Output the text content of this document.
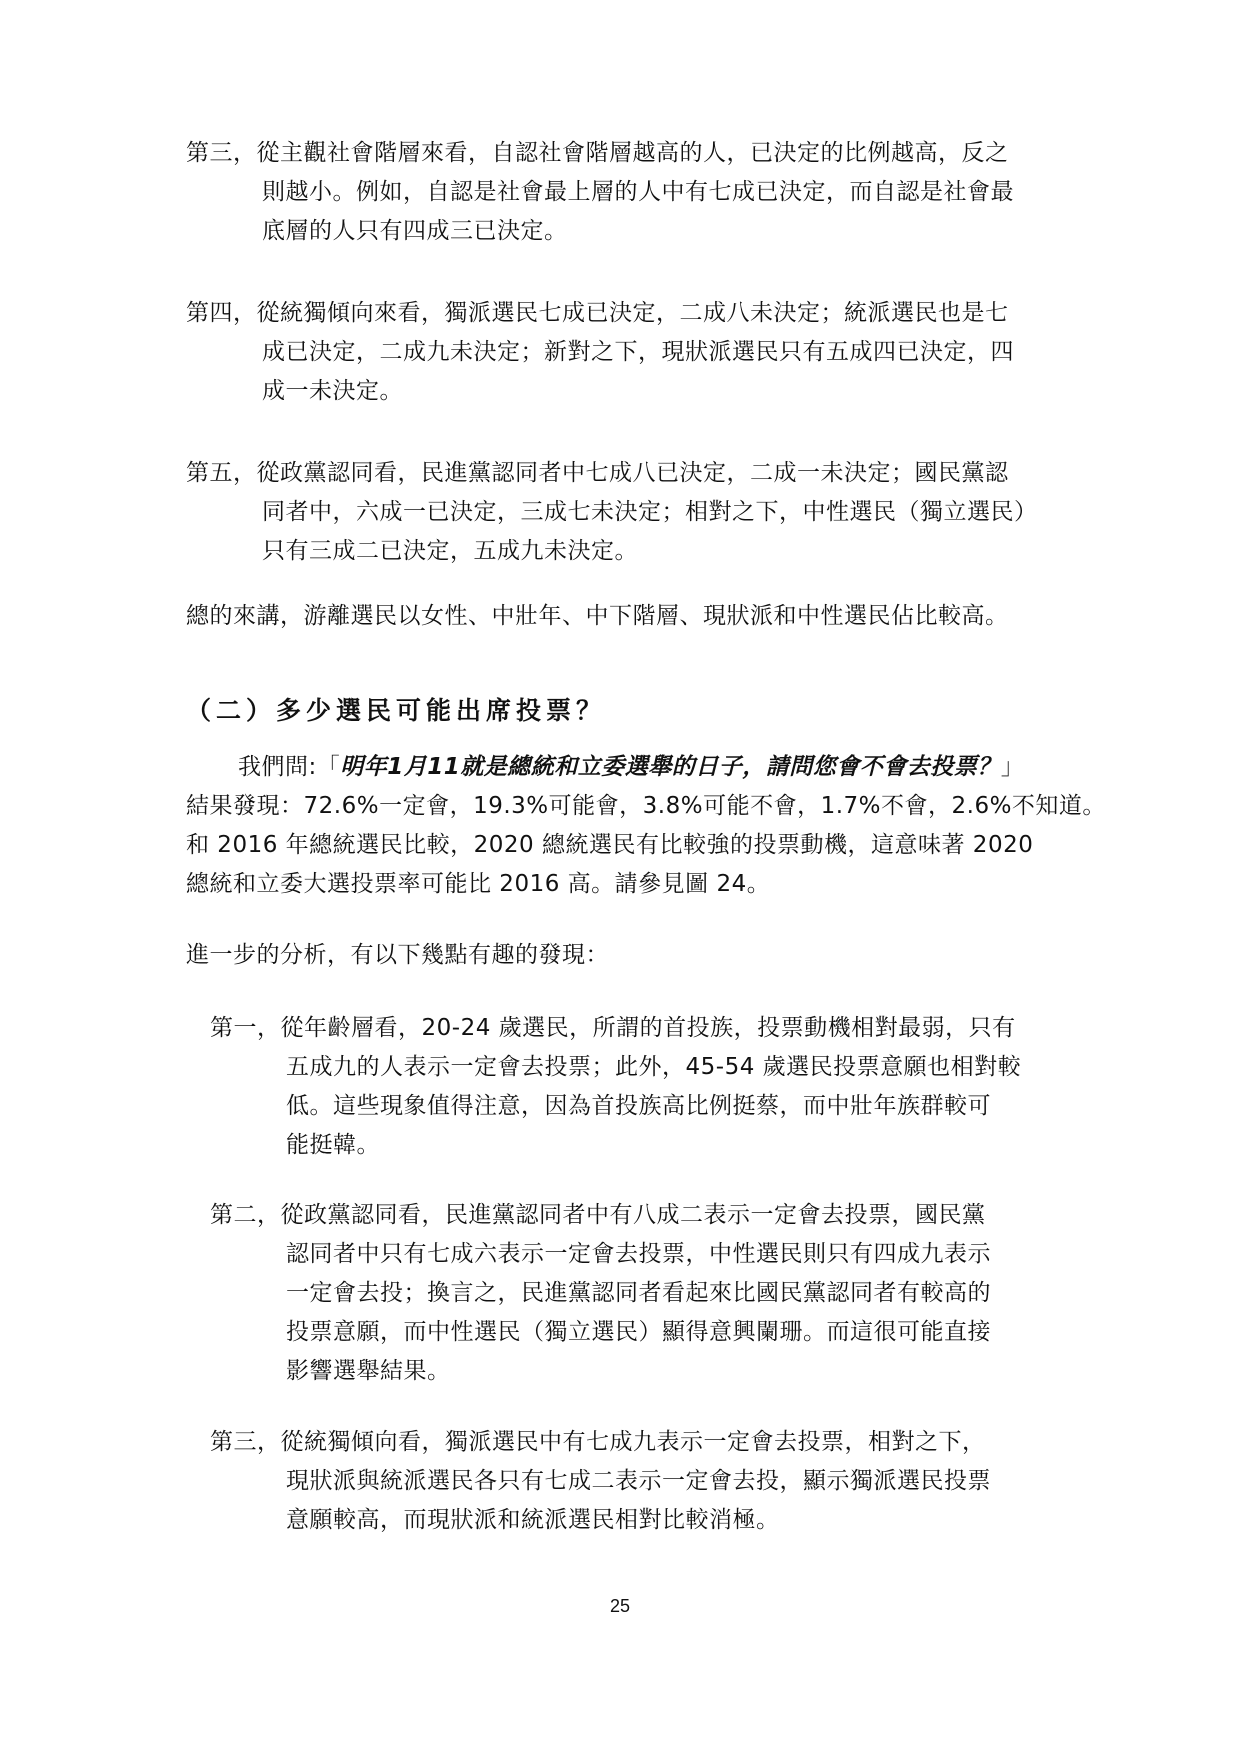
第三，從主觀社會階層來看，自認社會階層越高的人，已決定的比例越高，反之
則越小。例如，自認是社會最上層的人中有七成已決定，而自認是社會最
底層的人只有四成三已決定。
第四，從統獨傾向來看，獨派選民七成已決定，二成八未決定；統派選民也是七
成已決定，二成九未決定；新對之下，現狀派選民只有五成四已決定，四
成一未決定。
第五，從政黨認同看，民進黨認同者中七成八已決定，二成一未決定；國民黨認
同者中，六成一已決定，三成七未決定；相對之下，中性選民（獨立選民）
只有三成二已決定，五成九未決定。
總的來講，游離選民以女性、中壯年、中下階層、現狀派和中性選民佔比較高。
（二）多少選民可能出席投票？
我們問:「明年1月11就是總統和立委選舉的日子，請問您會不會去投票？」
結果發現：72.6%一定會，19.3%可能會，3.8%可能不會，1.7%不會，2.6%不知道。
和 2016 年總統選民比較，2020 總統選民有比較強的投票動機，這意味著 2020
總統和立委大選投票率可能比 2016 高。請參見圖 24。
進一步的分析，有以下幾點有趣的發現：
第一，從年齡層看，20-24 歲選民，所謂的首投族，投票動機相對最弱，只有
五成九的人表示一定會去投票；此外，45-54 歲選民投票意願也相對較
低。這些現象值得注意，因為首投族高比例挺蔡，而中壯年族群較可
能挺韓。
第二，從政黨認同看，民進黨認同者中有八成二表示一定會去投票，國民黨
認同者中只有七成六表示一定會去投票，中性選民則只有四成九表示
一定會去投；換言之，民進黨認同者看起來比國民黨認同者有較高的
投票意願，而中性選民（獨立選民）顯得意興闌珊。而這很可能直接
影響選舉結果。
第三，從統獨傾向看，獨派選民中有七成九表示一定會去投票，相對之下，
現狀派與統派選民各只有七成二表示一定會去投，顯示獨派選民投票
意願較高，而現狀派和統派選民相對比較消極。
25
